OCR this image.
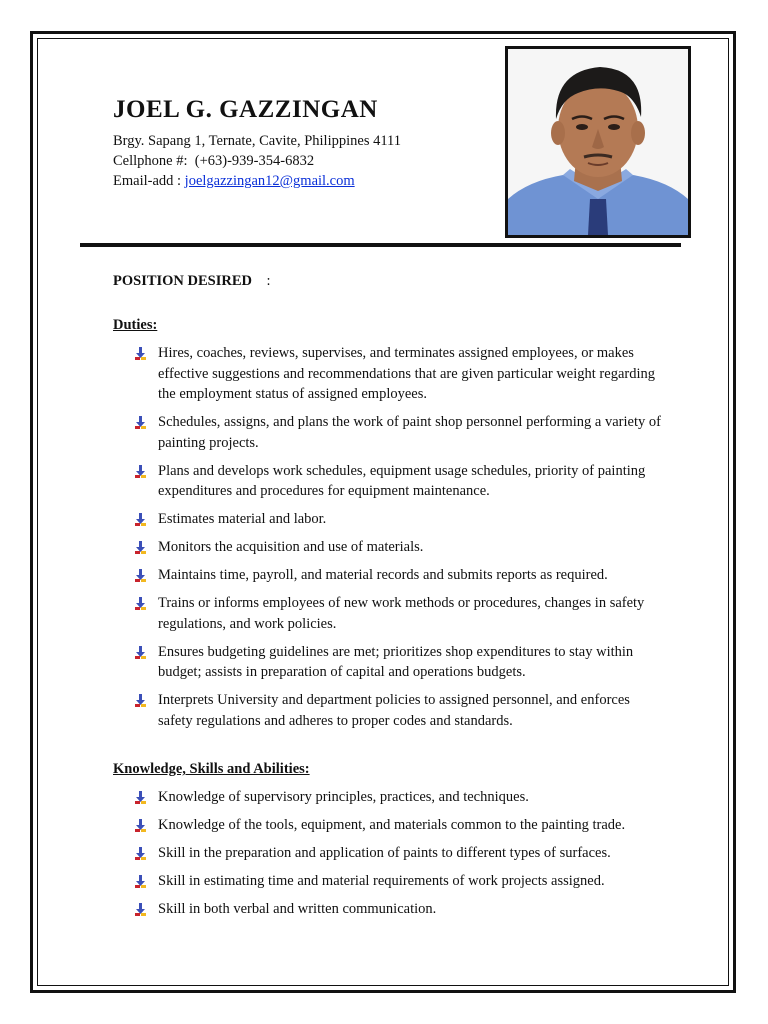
JOEL G. GAZZINGAN
Brgy. Sapang 1, Ternate, Cavite, Philippines 4111
Cellphone #: (+63)-939-354-6832
Email-add : joelgazzingan12@gmail.com
POSITION DESIRED :
Duties:
Hires, coaches, reviews, supervises, and terminates assigned employees, or makes effective suggestions and recommendations that are given particular weight regarding the employment status of assigned employees.
Schedules, assigns, and plans the work of paint shop personnel performing a variety of painting projects.
Plans and develops work schedules, equipment usage schedules, priority of painting expenditures and procedures for equipment maintenance.
Estimates material and labor.
Monitors the acquisition and use of materials.
Maintains time, payroll, and material records and submits reports as required.
Trains or informs employees of new work methods or procedures, changes in safety regulations, and work policies.
Ensures budgeting guidelines are met; prioritizes shop expenditures to stay within budget; assists in preparation of capital and operations budgets.
Interprets University and department policies to assigned personnel, and enforces safety regulations and adheres to proper codes and standards.
Knowledge, Skills and Abilities:
Knowledge of supervisory principles, practices, and techniques.
Knowledge of the tools, equipment, and materials common to the painting trade.
Skill in the preparation and application of paints to different types of surfaces.
Skill in estimating time and material requirements of work projects assigned.
Skill in both verbal and written communication.
